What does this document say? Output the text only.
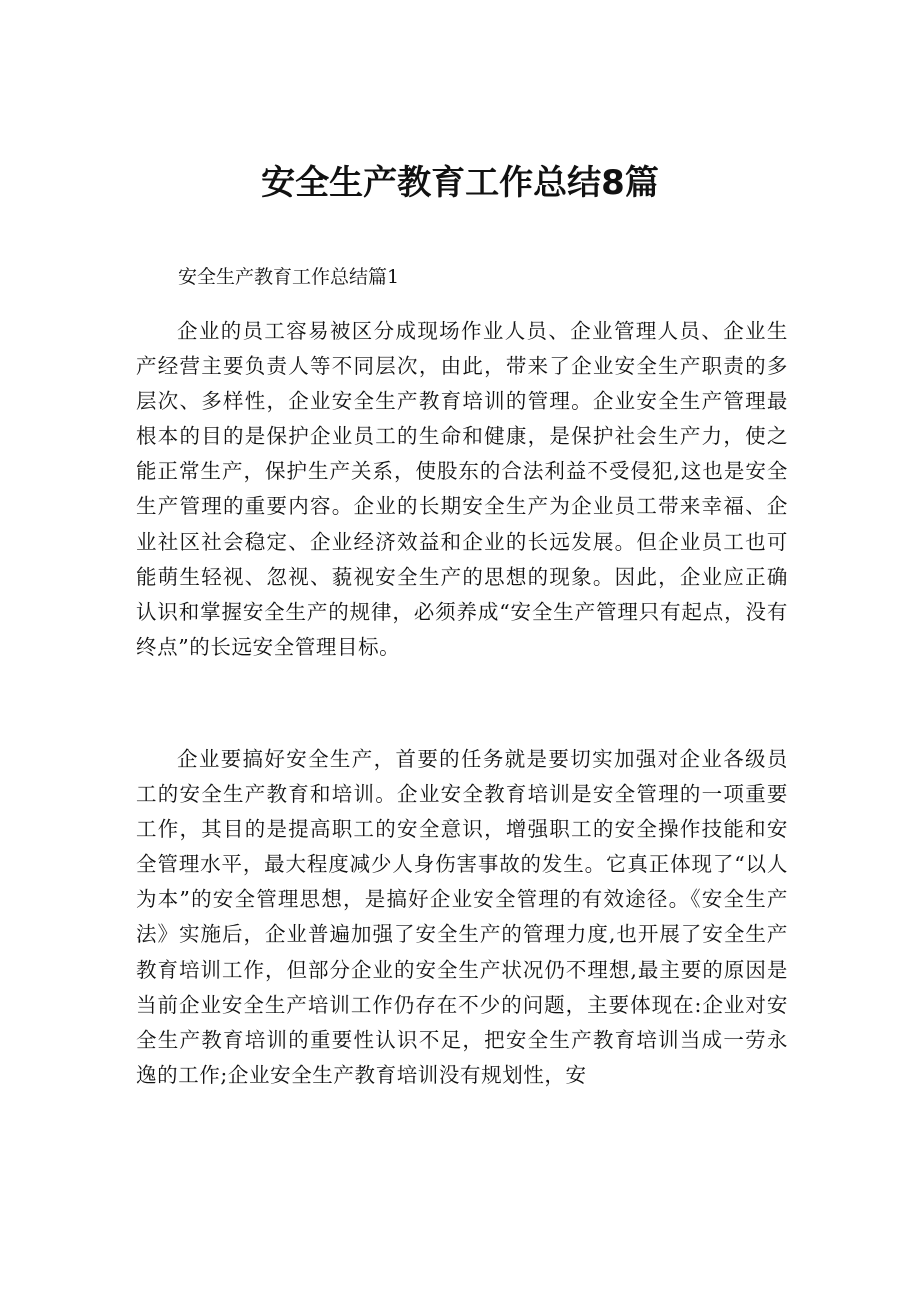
安全生产教育工作总结8篇

安全生产教育工作总结篇1

企业的员工容易被区分成现场作业人员、企业管理人员、企业生产经营主要负责人等不同层次，由此，带来了企业安全生产职责的多层次、多样性，企业安全生产教育培训的管理。企业安全生产管理最根本的目的是保护企业员工的生命和健康，是保护社会生产力，使之能正常生产，保护生产关系，使股东的合法利益不受侵犯,这也是安全生产管理的重要内容。企业的长期安全生产为企业员工带来幸福、企业社区社会稳定、企业经济效益和企业的长远发展。但企业员工也可能萌生轻视、忽视、藐视安全生产的思想的现象。因此，企业应正确认识和掌握安全生产的规律，必须养成“安全生产管理只有起点，没有终点”的长远安全管理目标。

企业要搞好安全生产，首要的任务就是要切实加强对企业各级员工的安全生产教育和培训。企业安全教育培训是安全管理的一项重要工作，其目的是提高职工的安全意识，增强职工的安全操作技能和安全管理水平，最大程度减少人身伤害事故的发生。它真正体现了“以人为本”的安全管理思想，是搞好企业安全管理的有效途径。《安全生产法》实施后，企业普遍加强了安全生产的管理力度,也开展了安全生产教育培训工作，但部分企业的安全生产状况仍不理想,最主要的原因是当前企业安全生产培训工作仍存在不少的问题，主要体现在:企业对安全生产教育培训的重要性认识不足，把安全生产教育培训当成一劳永逸的工作;企业安全生产教育培训没有规划性，安
